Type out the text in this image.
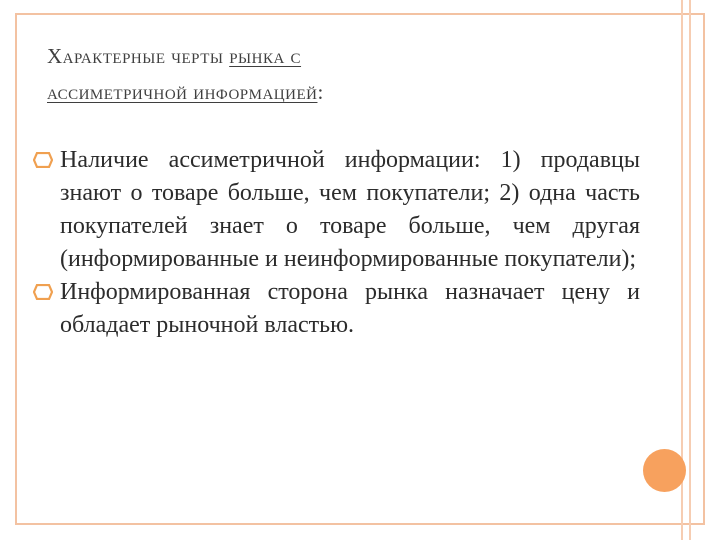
Характерные черты рынка с
ассиметричной информацией:

Наличие ассиметричной информации: 1) продавцы знают о товаре больше, чем покупатели; 2) одна часть покупателей знает о товаре больше, чем другая (информированные и неинформированные покупатели);

Информированная сторона рынка назначает цену и обладает рыночной властью.
